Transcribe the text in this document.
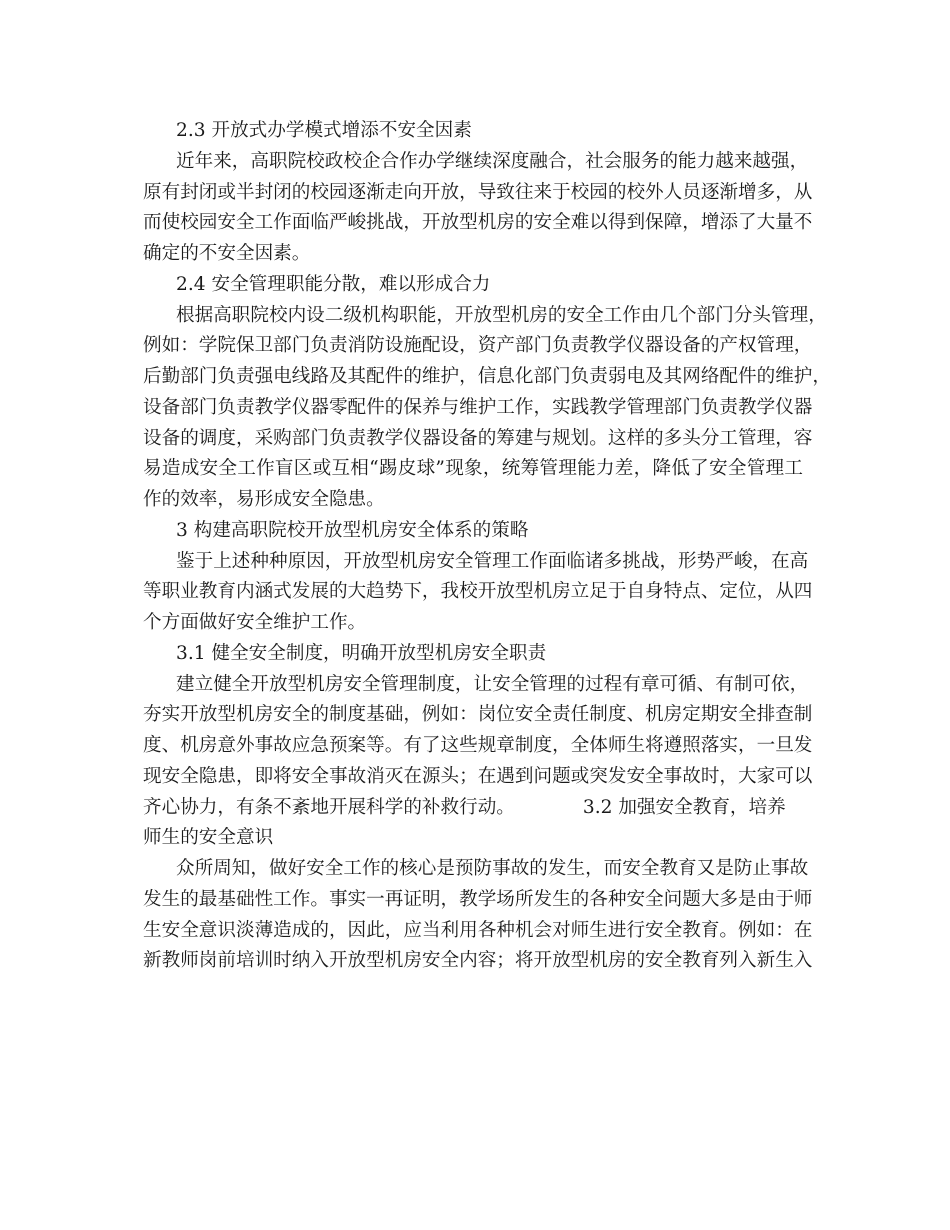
2.3 开放式办学模式增添不安全因素
近年来，高职院校政校企合作办学继续深度融合，社会服务的能力越来越强，
原有封闭或半封闭的校园逐渐走向开放，导致往来于校园的校外人员逐渐增多，从
而使校园安全工作面临严峻挑战，开放型机房的安全难以得到保障，增添了大量不
确定的不安全因素。
2.4 安全管理职能分散，难以形成合力
根据高职院校内设二级机构职能，开放型机房的安全工作由几个部门分头管理，
例如：学院保卫部门负责消防设施配设，资产部门负责教学仪器设备的产权管理，
后勤部门负责强电线路及其配件的维护，信息化部门负责弱电及其网络配件的维护，
设备部门负责教学仪器零配件的保养与维护工作，实践教学管理部门负责教学仪器
设备的调度，采购部门负责教学仪器设备的筹建与规划。这样的多头分工管理，容
易造成安全工作盲区或互相“踢皮球”现象，统筹管理能力差，降低了安全管理工
作的效率，易形成安全隐患。
3 构建高职院校开放型机房安全体系的策略
鉴于上述种种原因，开放型机房安全管理工作面临诸多挑战，形势严峻，在高
等职业教育内涵式发展的大趋势下，我校开放型机房立足于自身特点、定位，从四
个方面做好安全维护工作。
3.1 健全安全制度，明确开放型机房安全职责
建立健全开放型机房安全管理制度，让安全管理的过程有章可循、有制可依，
夯实开放型机房安全的制度基础，例如：岗位安全责任制度、机房定期安全排查制
度、机房意外事故应急预案等。有了这些规章制度，全体师生将遵照落实，一旦发
现安全隐患，即将安全事故消灭在源头；在遇到问题或突发安全事故时，大家可以
齐心协力，有条不紊地开展科学的补救行动。	3.2 加强安全教育，培养
师生的安全意识
众所周知，做好安全工作的核心是预防事故的发生，而安全教育又是防止事故
发生的最基础性工作。事实一再证明，教学场所发生的各种安全问题大多是由于师
生安全意识淡薄造成的，因此，应当利用各种机会对师生进行安全教育。例如：在
新教师岗前培训时纳入开放型机房安全内容；将开放型机房的安全教育列入新生入
